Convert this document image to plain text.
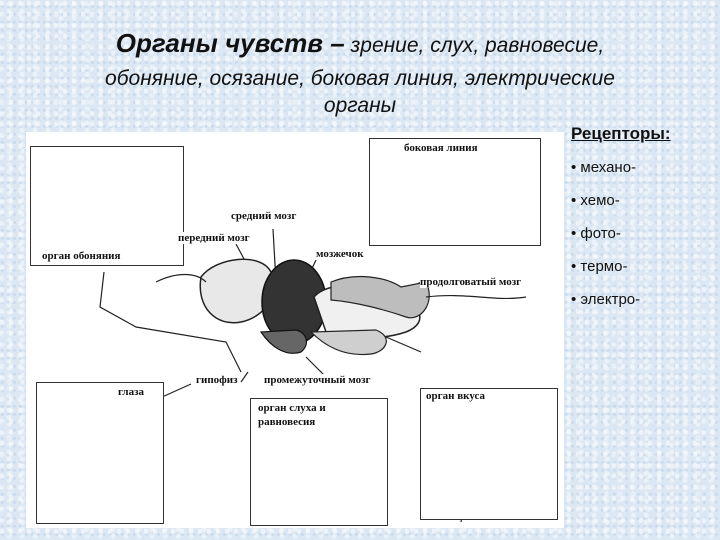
Органы чувств – зрение, слух, равновесие,
обоняние, осязание, боковая линия, электрические
органы
боковая линия
средний мозг
передний мозг
мозжечок
продолговатый мозг
орган обоняния
глаза
гипофиз промежуточный мозг
орган слуха и
равновесия
орган вкуса
Рецепторы:
• механо-
• хемо-
• фото-
• термо-
• электро-
